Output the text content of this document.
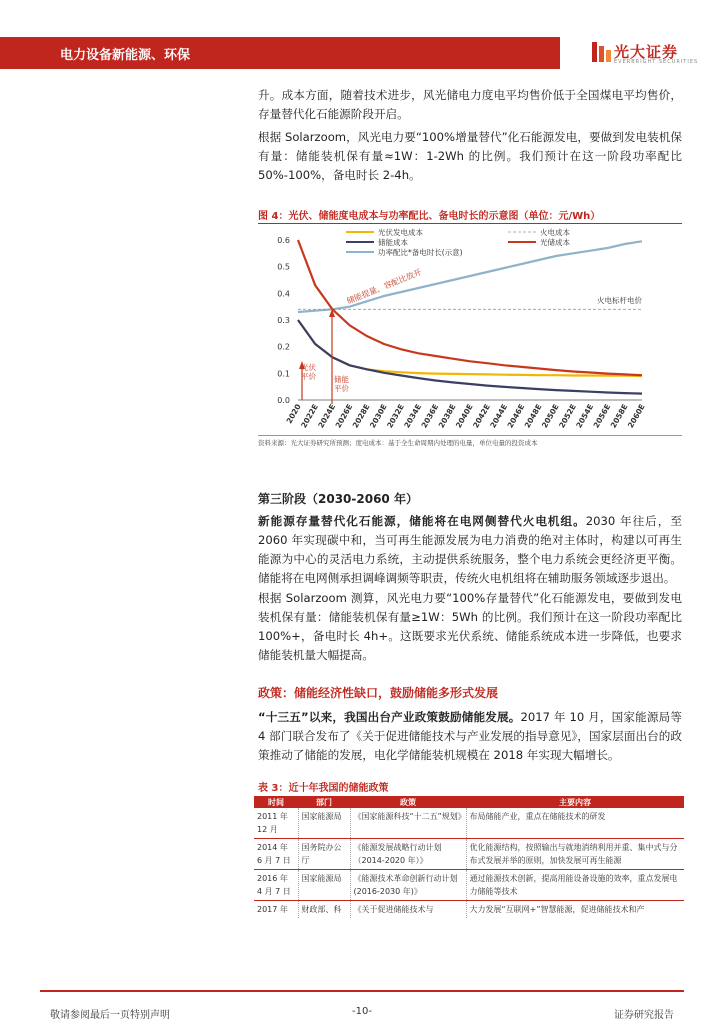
电力设备新能源、环保	光大证券
EVERBRIGHT SECURITIES

升。成本方面，随着技术进步，风光储电力度电平均售价低于全国煤电平均售价，存量替代化石能源阶段开启。

根据 Solarzoom，风光电力要“100%增量替代”化石能源发电，要做到发电装机保有量：储能装机保有量≈1W：1-2Wh 的比例。我们预计在这一阶段功率配比 50%-100%，备电时长 2-4h。

图 4：光伏、储能度电成本与功率配比、备电时长的示意图（单位：元/Wh）
0.0
0.1
0.2
0.3
0.4
0.5
0.6
2020
2022E
2024E
2026E
2028E
2030E
2032E
2034E
2036E
2038E
2040E
2042E
2044E
2046E
2048E
2050E
2052E
2054E
2056E
2058E
2060E
光伏发电成本
储能成本
功率配比*备电时长(示意)
火电成本
光储成本
光伏
平价 储能
平价
储能提量，容配比放开	火电标杆电价
资料来源：光大证券研究所预测；度电成本：基于全生命周期内处理的电量，单位电量的投资成本
第三阶段（2030-2060 年）

新能源存量替代化石能源，储能将在电网侧替代火电机组。2030 年往后，至 2060 年实现碳中和，当可再生能源发展为电力消费的绝对主体时，构建以可再生能源为中心的灵活电力系统，主动提供系统服务，整个电力系统会更经济更平衡。储能将在电网侧承担调峰调频等职责，传统火电机组将在辅助服务领域逐步退出。

根据 Solarzoom 测算，风光电力要“100%存量替代”化石能源发电，要做到发电装机保有量：储能装机保有量≥1W：5Wh 的比例。我们预计在这一阶段功率配比 100%+，备电时长 4h+。这既要求光伏系统、储能系统成本进一步降低，也要求储能装机量大幅提高。

政策：储能经济性缺口，鼓励储能多形式发展

“十三五”以来，我国出台产业政策鼓励储能发展。2017 年 10 月，国家能源局等 4 部门联合发布了《关于促进储能技术与产业发展的指导意见》，国家层面出台的政策推动了储能的发展，电化学储能装机规模在 2018 年实现大幅增长。

表 3：近十年我国的储能政策
时间	部门	政策	主要内容
2011 年 12 月	国家能源局	《国家能源科技“十二五”规划》	布局储能产业，重点在储能技术的研发
2014 年 6 月 7 日	国务院办公厅	《能源发展战略行动计划（2014-2020 年）》	优化能源结构，按照输出与就地消纳利用并重、集中式与分布式发展并举的原则，加快发展可再生能源
2016 年 4 月 7 日	国家能源局	《能源技术革命创新行动计划(2016-2030 年)》	通过能源技术创新，提高用能设备设施的效率，重点发展电力储能等技术
2017 年	财政部、科	《关于促进储能技术与	大力发展“互联网+”智慧能源，促进储能技术和产
敬请参阅最后一页特别声明	-10-	证券研究报告
